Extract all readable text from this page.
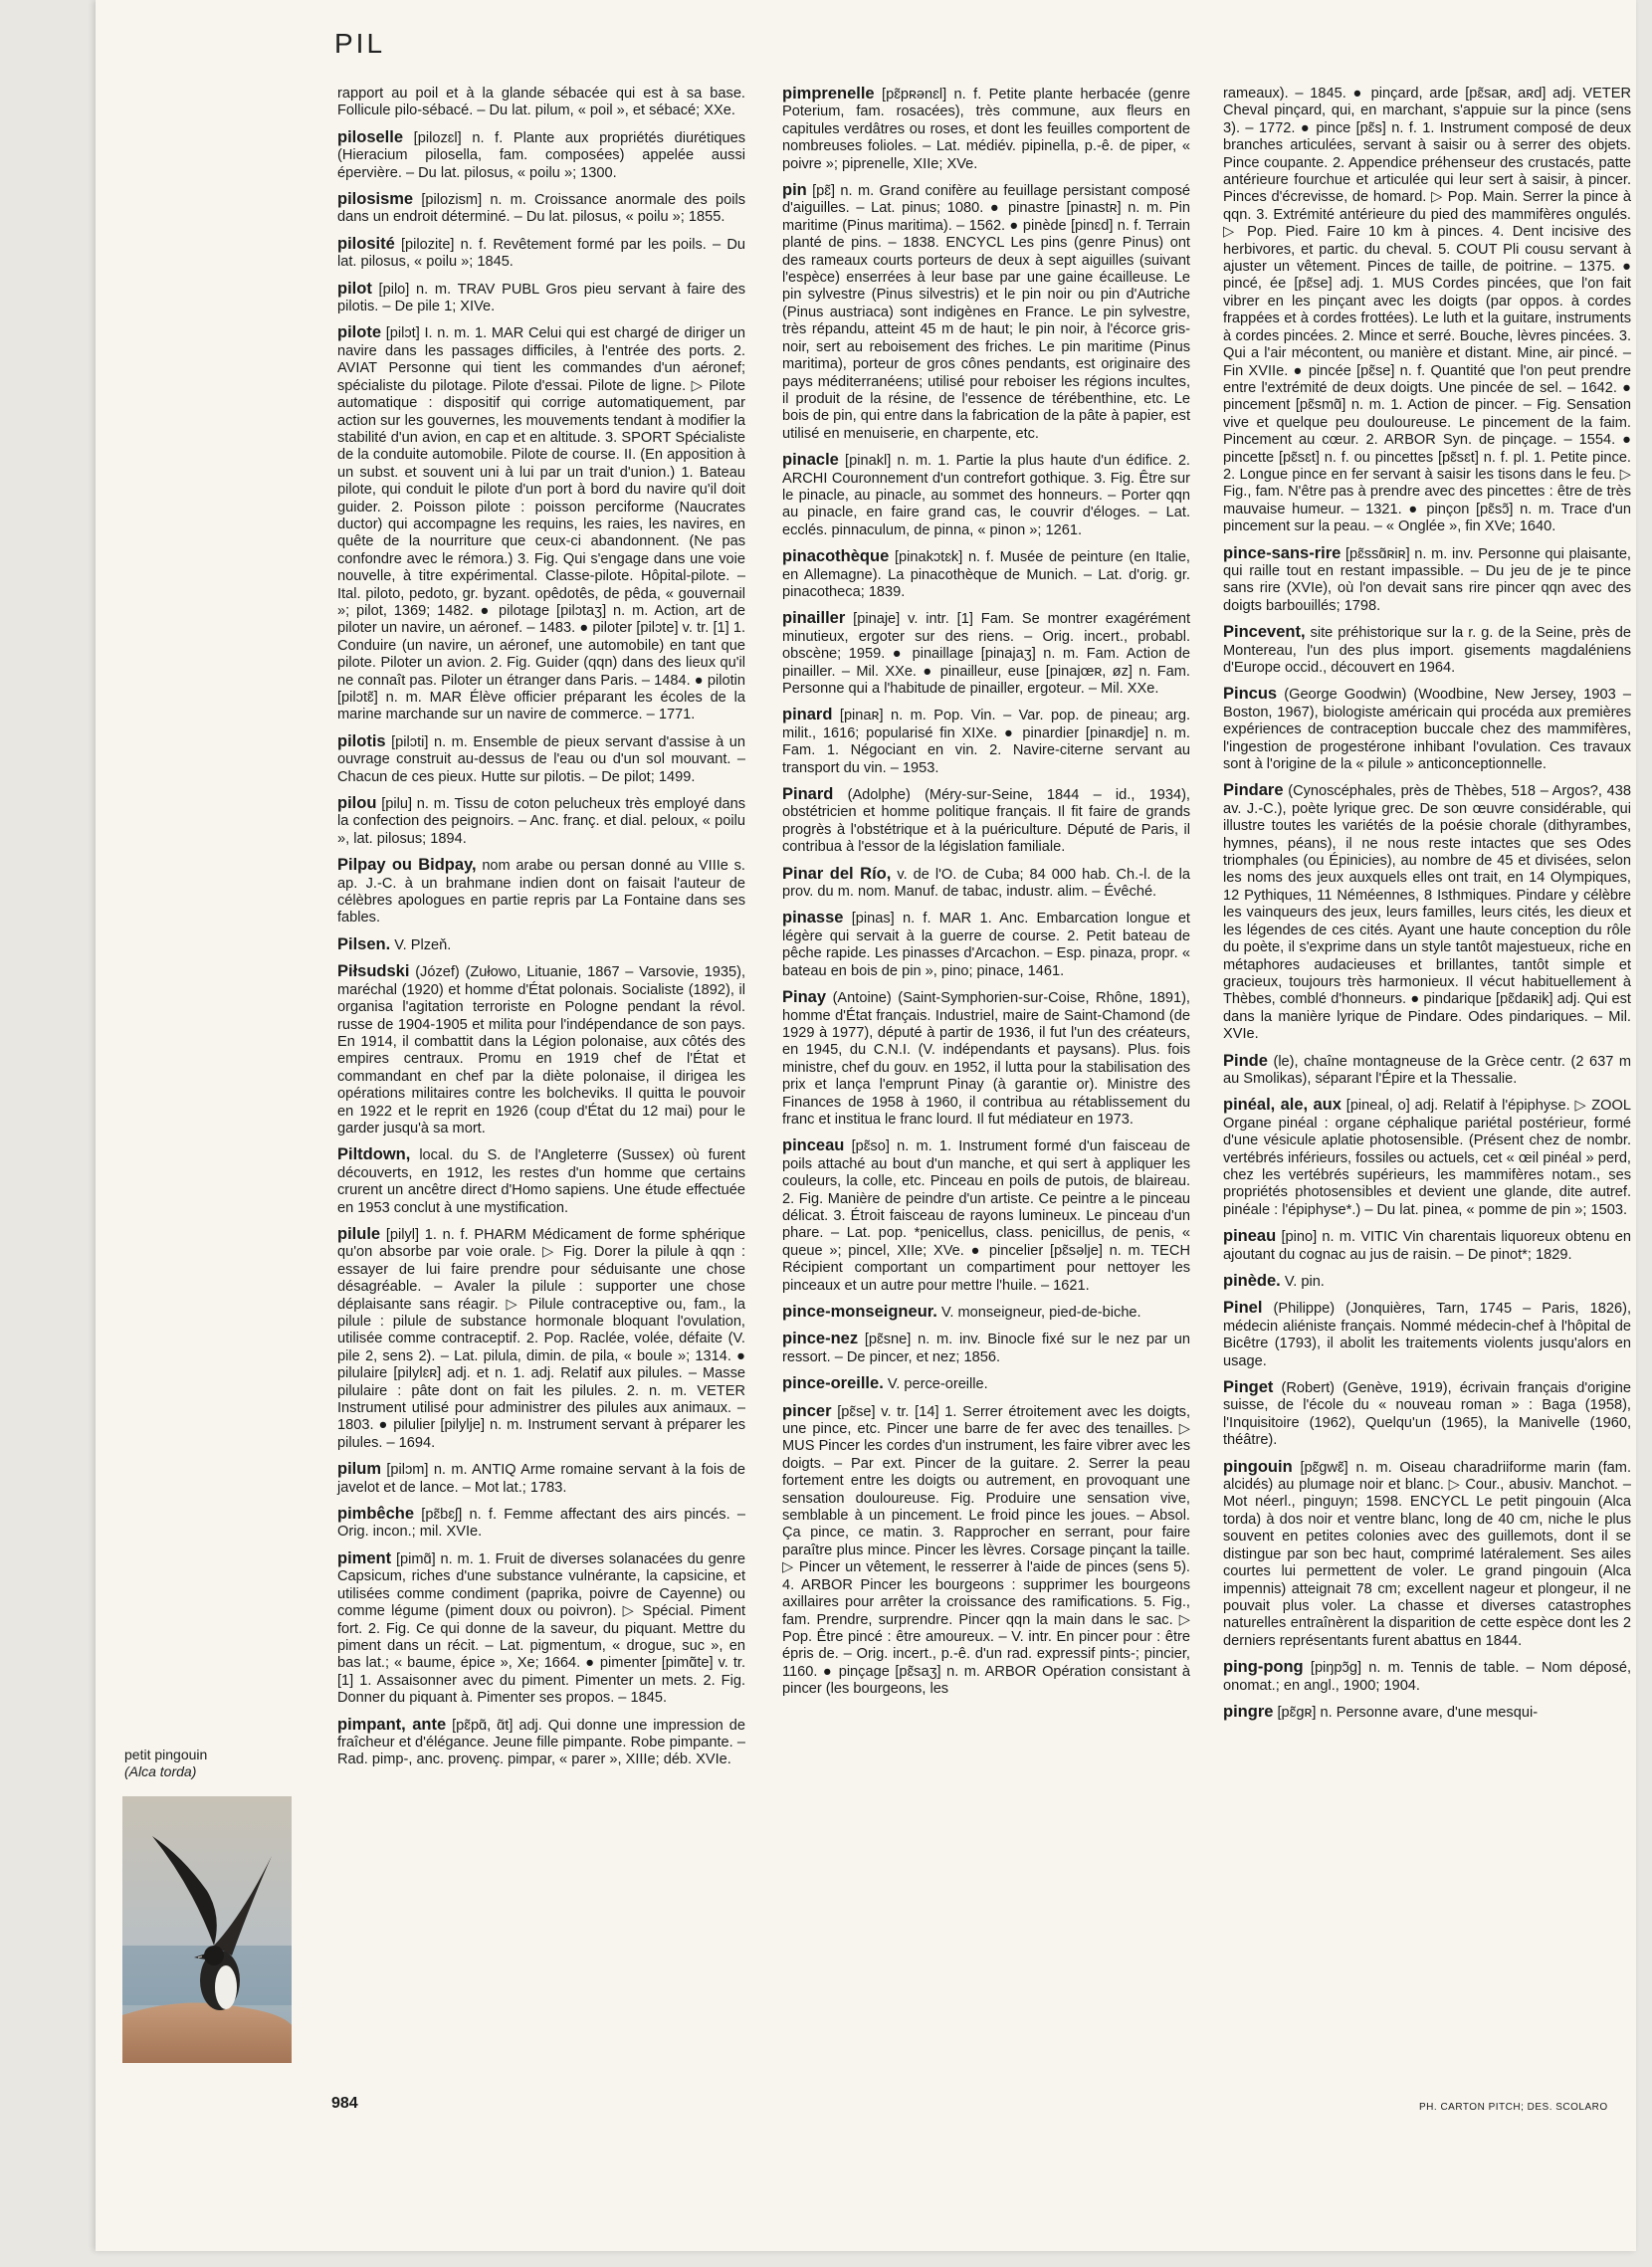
PIL

rapport au poil et à la glande sébacée qui est à sa base. Follicule pilo-sébacé. – Du lat. pilum, « poil », et sébacé; XXe.

piloselle [pilozɛl] n. f. Plante aux propriétés diurétiques (Hieracium pilosella, fam. composées) appelée aussi épervière. – Du lat. pilosus, « poilu »; 1300.

pilosisme [pilozism] n. m. Croissance anormale des poils dans un endroit déterminé. – Du lat. pilosus, « poilu »; 1855.

pilosité [pilozite] n. f. Revêtement formé par les poils. – Du lat. pilosus, « poilu »; 1845.

pilot [pilo] n. m. TRAV PUBL Gros pieu servant à faire des pilotis. – De pile 1; XIVe.

pilote [pilɔt] I. n. m. 1. MAR Celui qui est chargé de diriger un navire dans les passages difficiles, à l'entrée des ports. 2. AVIAT Personne qui tient les commandes d'un aéronef; spécialiste du pilotage. Pilote d'essai. Pilote de ligne. ▷ Pilote automatique : dispositif qui corrige automatiquement, par action sur les gouvernes, les mouvements tendant à modifier la stabilité d'un avion, en cap et en altitude. 3. SPORT Spécialiste de la conduite automobile. Pilote de course. II. (En apposition à un subst. et souvent uni à lui par un trait d'union.) 1. Bateau pilote, qui conduit le pilote d'un port à bord du navire qu'il doit guider. 2. Poisson pilote : poisson perciforme (Naucrates ductor) qui accompagne les requins, les raies, les navires, en quête de la nourriture que ceux-ci abandonnent. (Ne pas confondre avec le rémora.) 3. Fig. Qui s'engage dans une voie nouvelle, à titre expérimental. Classe-pilote. Hôpital-pilote. – Ital. piloto, pedoto, gr. byzant. opêdotês, de pêda, « gouvernail »; pilot, 1369; 1482. ● pilotage [pilɔtaʒ] n. m. Action, art de piloter un navire, un aéronef. – 1483. ● piloter [pilɔte] v. tr. [1] 1. Conduire (un navire, un aéronef, une automobile) en tant que pilote. Piloter un avion. 2. Fig. Guider (qqn) dans des lieux qu'il ne connaît pas. Piloter un étranger dans Paris. – 1484. ● pilotin [pilɔtɛ̃] n. m. MAR Élève officier préparant les écoles de la marine marchande sur un navire de commerce. – 1771.

pilotis [pilɔti] n. m. Ensemble de pieux servant d'assise à un ouvrage construit au-dessus de l'eau ou d'un sol mouvant. – Chacun de ces pieux. Hutte sur pilotis. – De pilot; 1499.

pilou [pilu] n. m. Tissu de coton pelucheux très employé dans la confection des peignoirs. – Anc. franç. et dial. peloux, « poilu », lat. pilosus; 1894.

Pilpay ou Bidpay, nom arabe ou persan donné au VIIIe s. ap. J.-C. à un brahmane indien dont on faisait l'auteur de célèbres apologues en partie repris par La Fontaine dans ses fables.

Pilsen. V. Plzeň.

Piłsudski (Józef) (Zułowo, Lituanie, 1867 – Varsovie, 1935), maréchal (1920) et homme d'État polonais. Socialiste (1892), il organisa l'agitation terroriste en Pologne pendant la révol. russe de 1904-1905 et milita pour l'indépendance de son pays. En 1914, il combattit dans la Légion polonaise, aux côtés des empires centraux. Promu en 1919 chef de l'État et commandant en chef par la diète polonaise, il dirigea les opérations militaires contre les bolcheviks. Il quitta le pouvoir en 1922 et le reprit en 1926 (coup d'État du 12 mai) pour le garder jusqu'à sa mort.

Piltdown, local. du S. de l'Angleterre (Sussex) où furent découverts, en 1912, les restes d'un homme que certains crurent un ancêtre direct d'Homo sapiens. Une étude effectuée en 1953 conclut à une mystification.

pilule [pilyl] 1. n. f. PHARM Médicament de forme sphérique qu'on absorbe par voie orale. ▷ Fig. Dorer la pilule à qqn : essayer de lui faire prendre pour séduisante une chose désagréable. – Avaler la pilule : supporter une chose déplaisante sans réagir. ▷ Pilule contraceptive ou, fam., la pilule : pilule de substance hormonale bloquant l'ovulation, utilisée comme contraceptif. 2. Pop. Raclée, volée, défaite (V. pile 2, sens 2). – Lat. pilula, dimin. de pila, « boule »; 1314. ● pilulaire [pilylɛʀ] adj. et n. 1. adj. Relatif aux pilules. – Masse pilulaire : pâte dont on fait les pilules. 2. n. m. VETER Instrument utilisé pour administrer des pilules aux animaux. – 1803. ● pilulier [pilylje] n. m. Instrument servant à préparer les pilules. – 1694.

pilum [pilɔm] n. m. ANTIQ Arme romaine servant à la fois de javelot et de lance. – Mot lat.; 1783.

pimbêche [pɛ̃bɛʃ] n. f. Femme affectant des airs pincés. – Orig. incon.; mil. XVIe.

piment [pimɑ̃] n. m. 1. Fruit de diverses solanacées du genre Capsicum, riches d'une substance vulnérante, la capsicine, et utilisées comme condiment (paprika, poivre de Cayenne) ou comme légume (piment doux ou poivron). ▷ Spécial. Piment fort. 2. Fig. Ce qui donne de la saveur, du piquant. Mettre du piment dans un récit. – Lat. pigmentum, « drogue, suc », en bas lat.; « baume, épice », Xe; 1664. ● pimenter [pimɑ̃te] v. tr. [1] 1. Assaisonner avec du piment. Pimenter un mets. 2. Fig. Donner du piquant à. Pimenter ses propos. – 1845.

pimpant, ante [pɛ̃pɑ̃, ɑ̃t] adj. Qui donne une impression de fraîcheur et d'élégance. Jeune fille pimpante. Robe pimpante. – Rad. pimp-, anc. provenç. pimpar, « parer », XIIIe; déb. XVIe.

pimprenelle [pɛ̃pʀənɛl] n. f. Petite plante herbacée (genre Poterium, fam. rosacées), très commune, aux fleurs en capitules verdâtres ou roses, et dont les feuilles comportent de nombreuses folioles. – Lat. médiév. pipinella, p.-ê. de piper, « poivre »; piprenelle, XIIe; XVe.

pin [pɛ̃] n. m. Grand conifère au feuillage persistant composé d'aiguilles. – Lat. pinus; 1080. ● pinastre [pinastʀ] n. m. Pin maritime (Pinus maritima). – 1562. ● pinède [pinɛd] n. f. Terrain planté de pins. – 1838. ENCYCL Les pins (genre Pinus) ont des rameaux courts porteurs de deux à sept aiguilles (suivant l'espèce) enserrées à leur base par une gaine écailleuse. Le pin sylvestre (Pinus silvestris) et le pin noir ou pin d'Autriche (Pinus austriaca) sont indigènes en France. Le pin sylvestre, très répandu, atteint 45 m de haut; le pin noir, à l'écorce gris-noir, sert au reboisement des friches. Le pin maritime (Pinus maritima), porteur de gros cônes pendants, est originaire des pays méditerranéens; utilisé pour reboiser les régions incultes, il produit de la résine, de l'essence de térébenthine, etc. Le bois de pin, qui entre dans la fabrication de la pâte à papier, est utilisé en menuiserie, en charpente, etc.

pinacle [pinakl] n. m. 1. Partie la plus haute d'un édifice. 2. ARCHI Couronnement d'un contrefort gothique. 3. Fig. Être sur le pinacle, au pinacle, au sommet des honneurs. – Porter qqn au pinacle, en faire grand cas, le couvrir d'éloges. – Lat. ecclés. pinnaculum, de pinna, « pinon »; 1261.

pinacothèque [pinakɔtɛk] n. f. Musée de peinture (en Italie, en Allemagne). La pinacothèque de Munich. – Lat. d'orig. gr. pinacotheca; 1839.

pinailler [pinaje] v. intr. [1] Fam. Se montrer exagérément minutieux, ergoter sur des riens. – Orig. incert., probabl. obscène; 1959. ● pinaillage [pinajaʒ] n. m. Fam. Action de pinailler. – Mil. XXe. ● pinailleur, euse [pinajœʀ, øz] n. Fam. Personne qui a l'habitude de pinailler, ergoteur. – Mil. XXe.

pinard [pinaʀ] n. m. Pop. Vin. – Var. pop. de pineau; arg. milit., 1616; popularisé fin XIXe. ● pinardier [pinaʀdje] n. m. Fam. 1. Négociant en vin. 2. Navire-citerne servant au transport du vin. – 1953.

Pinard (Adolphe) (Méry-sur-Seine, 1844 – id., 1934), obstétricien et homme politique français. Il fit faire de grands progrès à l'obstétrique et à la puériculture. Député de Paris, il contribua à l'essor de la législation familiale.

Pinar del Río, v. de l'O. de Cuba; 84 000 hab. Ch.-l. de la prov. du m. nom. Manuf. de tabac, industr. alim. – Évêché.

pinasse [pinas] n. f. MAR 1. Anc. Embarcation longue et légère qui servait à la guerre de course. 2. Petit bateau de pêche rapide. Les pinasses d'Arcachon. – Esp. pinaza, propr. « bateau en bois de pin », pino; pinace, 1461.

Pinay (Antoine) (Saint-Symphorien-sur-Coise, Rhône, 1891), homme d'État français. Industriel, maire de Saint-Chamond (de 1929 à 1977), député à partir de 1936, il fut l'un des créateurs, en 1945, du C.N.I. (V. indépendants et paysans). Plus. fois ministre, chef du gouv. en 1952, il lutta pour la stabilisation des prix et lança l'emprunt Pinay (à garantie or). Ministre des Finances de 1958 à 1960, il contribua au rétablissement du franc et institua le franc lourd. Il fut médiateur en 1973.

pinceau [pɛ̃so] n. m. 1. Instrument formé d'un faisceau de poils attaché au bout d'un manche, et qui sert à appliquer les couleurs, la colle, etc. Pinceau en poils de putois, de blaireau. 2. Fig. Manière de peindre d'un artiste. Ce peintre a le pinceau délicat. 3. Étroit faisceau de rayons lumineux. Le pinceau d'un phare. – Lat. pop. *penicellus, class. penicillus, de penis, « queue »; pincel, XIIe; XVe. ● pincelier [pɛ̃səlje] n. m. TECH Récipient comportant un compartiment pour nettoyer les pinceaux et un autre pour mettre l'huile. – 1621.

pince-monseigneur. V. monseigneur, pied-de-biche.

pince-nez [pɛ̃sne] n. m. inv. Binocle fixé sur le nez par un ressort. – De pincer, et nez; 1856.

pince-oreille. V. perce-oreille.

pincer [pɛ̃se] v. tr. [14] 1. Serrer étroitement avec les doigts, une pince, etc. Pincer une barre de fer avec des tenailles. ▷ MUS Pincer les cordes d'un instrument, les faire vibrer avec les doigts. – Par ext. Pincer de la guitare. 2. Serrer la peau fortement entre les doigts ou autrement, en provoquant une sensation douloureuse. Fig. Produire une sensation vive, semblable à un pincement. Le froid pince les joues. – Absol. Ça pince, ce matin. 3. Rapprocher en serrant, pour faire paraître plus mince. Pincer les lèvres. Corsage pinçant la taille. ▷ Pincer un vêtement, le resserrer à l'aide de pinces (sens 5). 4. ARBOR Pincer les bourgeons : supprimer les bourgeons axillaires pour arrêter la croissance des ramifications. 5. Fig., fam. Prendre, surprendre. Pincer qqn la main dans le sac. ▷ Pop. Être pincé : être amoureux. – V. intr. En pincer pour : être épris de. – Orig. incert., p.-ê. d'un rad. expressif pints-; pincier, 1160. ● pinçage [pɛ̃saʒ] n. m. ARBOR Opération consistant à pincer (les bourgeons, les

rameaux). – 1845. ● pinçard, arde [pɛ̃saʀ, aʀd] adj. VETER Cheval pinçard, qui, en marchant, s'appuie sur la pince (sens 3). – 1772. ● pince [pɛ̃s] n. f. 1. Instrument composé de deux branches articulées, servant à saisir ou à serrer des objets. Pince coupante. 2. Appendice préhenseur des crustacés, patte antérieure fourchue et articulée qui leur sert à saisir, à pincer. Pinces d'écrevisse, de homard. ▷ Pop. Main. Serrer la pince à qqn. 3. Extrémité antérieure du pied des mammifères ongulés. ▷ Pop. Pied. Faire 10 km à pinces. 4. Dent incisive des herbivores, et partic. du cheval. 5. COUT Pli cousu servant à ajuster un vêtement. Pinces de taille, de poitrine. – 1375. ● pincé, ée [pɛ̃se] adj. 1. MUS Cordes pincées, que l'on fait vibrer en les pinçant avec les doigts (par oppos. à cordes frappées et à cordes frottées). Le luth et la guitare, instruments à cordes pincées. 2. Mince et serré. Bouche, lèvres pincées. 3. Qui a l'air mécontent, ou manière et distant. Mine, air pincé. – Fin XVIIe. ● pincée [pɛ̃se] n. f. Quantité que l'on peut prendre entre l'extrémité de deux doigts. Une pincée de sel. – 1642. ● pincement [pɛ̃smɑ̃] n. m. 1. Action de pincer. – Fig. Sensation vive et quelque peu douloureuse. Le pincement de la faim. Pincement au cœur. 2. ARBOR Syn. de pinçage. – 1554. ● pincette [pɛ̃sɛt] n. f. ou pincettes [pɛ̃sɛt] n. f. pl. 1. Petite pince. 2. Longue pince en fer servant à saisir les tisons dans le feu. ▷ Fig., fam. N'être pas à prendre avec des pincettes : être de très mauvaise humeur. – 1321. ● pinçon [pɛ̃sɔ̃] n. m. Trace d'un pincement sur la peau. – « Onglée », fin XVe; 1640.

pince-sans-rire [pɛ̃ssɑ̃ʀiʀ] n. m. inv. Personne qui plaisante, qui raille tout en restant impassible. – Du jeu de je te pince sans rire (XVIe), où l'on devait sans rire pincer qqn avec des doigts barbouillés; 1798.

Pincevent, site préhistorique sur la r. g. de la Seine, près de Montereau, l'un des plus import. gisements magdaléniens d'Europe occid., découvert en 1964.

Pincus (George Goodwin) (Woodbine, New Jersey, 1903 – Boston, 1967), biologiste américain qui procéda aux premières expériences de contraception buccale chez des mammifères, l'ingestion de progestérone inhibant l'ovulation. Ces travaux sont à l'origine de la « pilule » anticonceptionnelle.

Pindare (Cynoscéphales, près de Thèbes, 518 – Argos?, 438 av. J.-C.), poète lyrique grec. De son œuvre considérable, qui illustre toutes les variétés de la poésie chorale (dithyrambes, hymnes, péans), il ne nous reste intactes que ses Odes triomphales (ou Épinicies), au nombre de 45 et divisées, selon les noms des jeux auxquels elles ont trait, en 14 Olympiques, 12 Pythiques, 11 Néméennes, 8 Isthmiques. Pindare y célèbre les vainqueurs des jeux, leurs familles, leurs cités, les dieux et les légendes de ces cités. Ayant une haute conception du rôle du poète, il s'exprime dans un style tantôt majestueux, riche en métaphores audacieuses et brillantes, tantôt simple et gracieux, toujours très harmonieux. Il vécut habituellement à Thèbes, comblé d'honneurs. ● pindarique [pɛ̃daʀik] adj. Qui est dans la manière lyrique de Pindare. Odes pindariques. – Mil. XVIe.

Pinde (le), chaîne montagneuse de la Grèce centr. (2 637 m au Smolikas), séparant l'Épire et la Thessalie.

pinéal, ale, aux [pineal, o] adj. Relatif à l'épiphyse. ▷ ZOOL Organe pinéal : organe céphalique pariétal postérieur, formé d'une vésicule aplatie photosensible. (Présent chez de nombr. vertébrés inférieurs, fossiles ou actuels, cet « œil pinéal » perd, chez les vertébrés supérieurs, les mammifères notam., ses propriétés photosensibles et devient une glande, dite autref. pinéale : l'épiphyse*.) – Du lat. pinea, « pomme de pin »; 1503.

pineau [pino] n. m. VITIC Vin charentais liquoreux obtenu en ajoutant du cognac au jus de raisin. – De pinot*; 1829.

pinède. V. pin.

Pinel (Philippe) (Jonquières, Tarn, 1745 – Paris, 1826), médecin aliéniste français. Nommé médecin-chef à l'hôpital de Bicêtre (1793), il abolit les traitements violents jusqu'alors en usage.

Pinget (Robert) (Genève, 1919), écrivain français d'origine suisse, de l'école du « nouveau roman » : Baga (1958), l'Inquisitoire (1962), Quelqu'un (1965), la Manivelle (1960, théâtre).

pingouin [pɛ̃gwɛ̃] n. m. Oiseau charadriiforme marin (fam. alcidés) au plumage noir et blanc. ▷ Cour., abusiv. Manchot. – Mot néerl., pinguyn; 1598. ENCYCL Le petit pingouin (Alca torda) à dos noir et ventre blanc, long de 40 cm, niche le plus souvent en petites colonies avec des guillemots, dont il se distingue par son bec haut, comprimé latéralement. Ses ailes courtes lui permettent de voler. Le grand pingouin (Alca impennis) atteignait 78 cm; excellent nageur et plongeur, il ne pouvait plus voler. La chasse et diverses catastrophes naturelles entraînèrent la disparition de cette espèce dont les 2 derniers représentants furent abattus en 1844.

ping-pong [piŋpɔ̃g] n. m. Tennis de table. – Nom déposé, onomat.; en angl., 1900; 1904.

pingre [pɛ̃gʀ] n. Personne avare, d'une mesqui-

petit pingouin
(Alca torda)
984	PH. CARTON PITCH; DES. SCOLARO
